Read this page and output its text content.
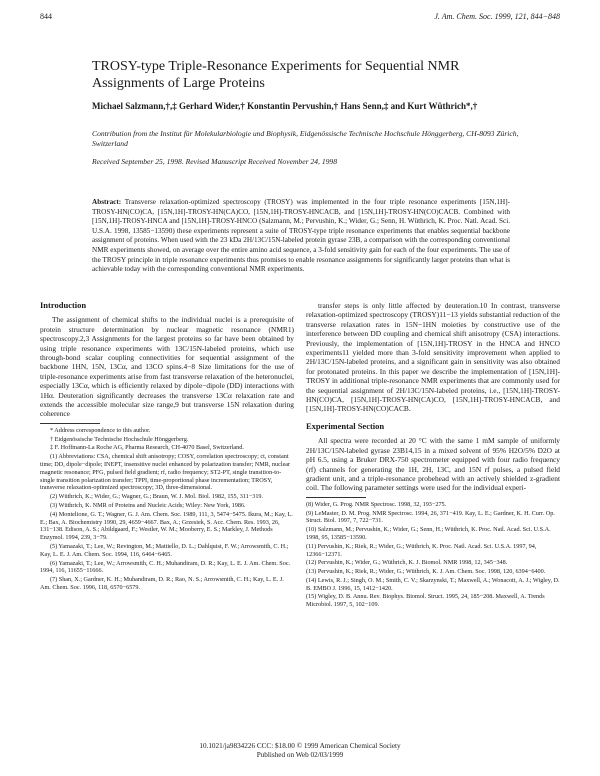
844	J. Am. Chem. Soc. 1999, 121, 844−848
TROSY-type Triple-Resonance Experiments for Sequential NMR Assignments of Large Proteins
Michael Salzmann,†,‡ Gerhard Wider,† Konstantin Pervushin,† Hans Senn,‡ and Kurt Wüthrich*,†
Contribution from the Institut für Molekularbiologie und Biophysik, Eidgenössische Technische Hochschule Hönggerberg, CH-8093 Zürich, Switzerland
Received September 25, 1998. Revised Manuscript Received November 24, 1998
Abstract: Transverse relaxation-optimized spectroscopy (TROSY) was implemented in the four triple resonance experiments [15N,1H]-TROSY-HN(CO)CA, [15N,1H]-TROSY-HN(CA)CO, [15N,1H]-TROSY-HNCACB, and [15N,1H]-TROSY-HN(CO)CACB. Combined with [15N,1H]-TROSY-HNCA and [15N,1H]-TROSY-HNCO (Salzmann, M.; Pervushin, K.; Wider, G.; Senn, H. Wüthrich, K. Proc. Natl. Acad. Sci. U.S.A. 1998, 13585−13590) these experiments represent a suite of TROSY-type triple resonance experiments that enables sequential backbone assignment of proteins. When used with the 23 kDa 2H/13C/15N-labeled protein gyrase 23B, a comparison with the corresponding conventional NMR experiments showed, on average over the entire amino acid sequence, a 3-fold sensitivity gain for each of the four experiments. The use of the TROSY principle in triple resonance experiments thus promises to enable resonance assignments for significantly larger proteins than what is achievable today with the corresponding conventional NMR experiments.
Introduction

The assignment of chemical shifts to the individual nuclei is a prerequisite of protein structure determination by nuclear magnetic resonance (NMR1) spectroscopy.2,3 Assignments for the largest proteins so far have been obtained by using triple resonance experiments with 13C/15N-labeled proteins, which use through-bond scalar coupling connectivities for sequential assignment of the backbone 1HN, 15N, 13Cα, and 13CO spins.4−8 Size limitations for the use of triple-resonance experiments arise from fast transverse relaxation of the heteronuclei, especially 13Cα, which is efficiently relaxed by dipole−dipole (DD) interactions with 1Hα. Deuteration significantly decreases the transverse 13Cα relaxation rate and extends the accessible molecular size range,9 but transverse 15N relaxation during coherence

* Address correspondence to this author.
† Eidgenössische Technische Hochschule Hönggerberg.
‡ F. Hoffmann-La Roche AG, Pharma Research, CH-4070 Basel, Switzerland.
(1) Abbreviations: CSA, chemical shift anisotropy; COSY, correlation spectroscopy; ct, constant time; DD, dipole−dipole; INEPT, insensitive nuclei enhanced by polarization transfer; NMR, nuclear magnetic resonance; PFG, pulsed field gradient; rf, radio frequency; ST2-PT, single transition-to-single transition polarization transfer; TPPI, time-proportional phase incrementation; TROSY, transverse relaxation-optimized spectroscopy; 3D, three-dimensional.
(2) Wüthrich, K.; Wider, G.; Wagner, G.; Braun, W. J. Mol. Biol. 1982, 155, 311−319.
(3) Wüthrich, K. NMR of Proteins and Nucleic Acids; Wiley: New York, 1986.
(4) Montelione, G. T.; Wagner, G. J. Am. Chem. Soc. 1989, 111, 3, 5474−5475. Ikura, M.; Kay, L. E.; Bax, A. Biochemistry 1990, 29, 4659−4667. Bax, A.; Grzesiek, S. Acc. Chem. Res. 1993, 26, 131−138. Edison, A. S.; Abildgaard, F.; Westler, W. M.; Mooberry, E. S.; Markley, J. Methods Enzymol. 1994, 239, 3−79.
(5) Yamazaki, T.; Lee, W.; Revington, M.; Mattiello, D. L.; Dahlquist, F. W.; Arrowsmith, C. H.; Kay, L. E. J. Am. Chem. Soc. 1994, 116, 6464−6465.
(6) Yamazaki, T.; Lee, W.; Arrowsmith, C. H.; Muhandiram, D. R.; Kay, L. E. J. Am. Chem. Soc. 1994, 116, 11655−11666.
(7) Shan, X.; Gardner, K. H.; Muhandiram, D. R.; Rao, N. S.; Arrowsmith, C. H.; Kay, L. E. J. Am. Chem. Soc. 1996, 118, 6570−6579.

transfer steps is only little affected by deuteration.10 In contrast, transverse relaxation-optimized spectroscopy (TROSY)11−13 yields substantial reduction of the transverse relaxation rates in 15N−1HN moieties by constructive use of the interference between DD coupling and chemical shift anisotropy (CSA) interactions. Previously, the implementation of [15N,1H]-TROSY in the HNCA and HNCO experiments11 yielded more than 3-fold sensitivity improvement when applied to 2H/13C/15N-labeled proteins, and a significant gain in sensitivity was also obtained for protonated proteins. In this paper we describe the implementation of [15N,1H]-TROSY in additional triple-resonance NMR experiments that are commonly used for the sequential assignment of 2H/13C/15N-labeled proteins, i.e., [15N,1H]-TROSY-HN(CO)CA, [15N,1H]-TROSY-HN(CA)CO, [15N,1H]-TROSY-HNCACB, and [15N,1H]-TROSY-HN(CO)CACB.

Experimental Section

All spectra were recorded at 20 °C with the same 1 mM sample of uniformly 2H/13C/15N-labeled gyrase 23B14,15 in a mixed solvent of 95% H2O/5% D2O at pH 6.5, using a Bruker DRX-750 spectrometer equipped with four radio frequency (rf) channels for generating the 1H, 2H, 13C, and 15N rf pulses, a pulsed field gradient unit, and a triple-resonance probehead with an actively shielded z-gradient coil. The following parameter settings were used for the individual experi-

(8) Wider, G. Prog. NMR Spectrosc. 1998, 32, 193−275.
(9) LeMaster, D. M. Prog. NMR Spectrosc. 1994, 26, 371−419. Kay, L. E.; Gardner, K. H. Curr. Op. Struct. Biol. 1997, 7, 722−731.
(10) Salzmann, M.; Pervushin, K.; Wider, G.; Senn, H.; Wüthrich, K. Proc. Natl. Acad. Sci. U.S.A. 1998, 95, 13585−13590.
(11) Pervushin, K.; Riek, R.; Wider, G.; Wüthrich, K. Proc. Natl. Acad. Sci. U.S.A. 1997, 94, 12366−12371.
(12) Pervushin, K.; Wider, G.; Wüthrich, K. J. Biomol. NMR 1998, 12, 345−348.
(13) Pervushin, K.; Riek, R.; Wider, G.; Wüthrich, K. J. Am. Chem. Soc. 1998, 120, 6394−6400.
(14) Lewis, R. J.; Singh, O. M.; Smith, C. V.; Skarzynski, T.; Maxwell, A.; Wonacott, A. J.; Wigley, D. B. EMBO J. 1996, 15, 1412−1420.
(15) Wigley, D. B. Annu. Rev. Biophys. Biomol. Struct. 1995, 24, 185−208. Maxwell, A. Trends Microbiol. 1997, 5, 102−109.
10.1021/ja9834226 CCC: $18.00 © 1999 American Chemical Society
Published on Web 02/03/1999
